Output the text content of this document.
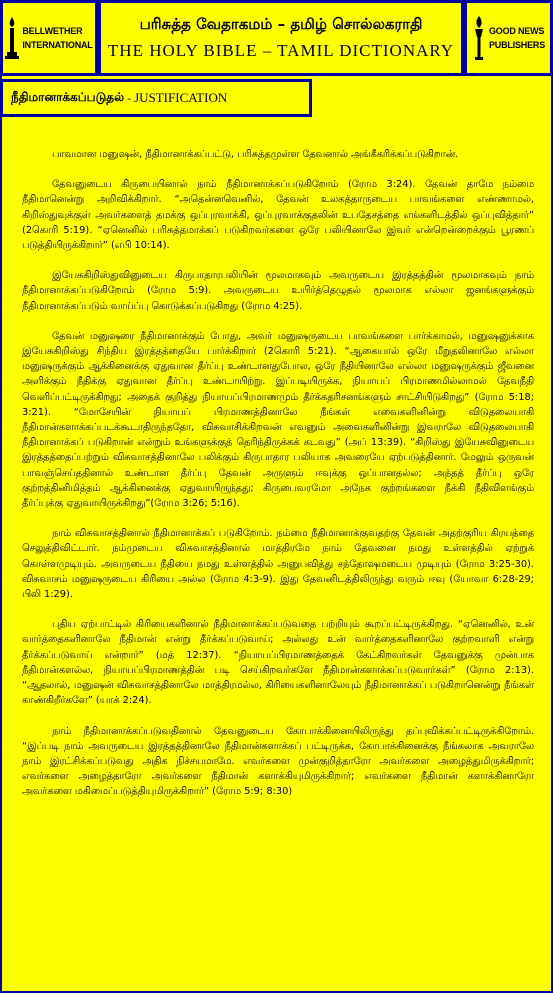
BELLWETHER
INTERNATIONAL
பரிசுத்த வேதாகமம் – தமிழ் சொல்லகராதி
THE HOLY BIBLE – TAMIL DICTIONARY
GOOD NEWS
PUBLISHERS
நீதிமானாக்கப்படுதல் - JUSTIFICATION

பாவமான மனுஷன், நீதிமானாக்கப்பட்டு, பரிசுத்தமுள்ள தேவனால் அங்கீகரிக்கப்படுகிறான்.

தேவனுடைய கிருபையினால் நாம் நீதிமானாக்கப்படுகிறோம் (ரோம 3:24). தேவன் தாமே நம்மை நீதிமானென்று அறிவிக்கிறார். “அதென்னவெனில், தேவன் உலகத்தாருடைய பாவங்களை எண்ணாமல், கிறிஸ்துவுக்குள் அவர்களைத் தமக்கு ஒப்புரவாக்கி, ஒப்புரவாக்குதலின் உபதேசத்தை எங்களிடத்தில் ஒப்புவித்தார்” (2கொரி 5:19). “ஏனெனில் பரிசுத்தமாக்கப் படுகிறவர்களை ஒரே பலியினாலே இவர் என்றென்றைக்கும் பூரணப் படுத்தியிருக்கிறார்” (எபி 10:14).

இயேசுகிறிஸ்துவினுடைய கிருபாதாரபலியின் மூலமாகவும் அவருடைய இரத்தத்தின் மூலமாகவும் நாம் நீதிமானாக்கப்படுகிறோம் (ரோம 5:9). அவருடைய உயிர்த்தெழுதல் மூலமாக எல்லா ஜனங்களுக்கும் நீதிமானாக்கப்படும் வாய்ப்பு கொடுக்கப்படுகிறது (ரோம 4:25).

தேவன் மனுஷரை நீதிமானாக்கும் போது, அவர் மனுஷருடைய பாவங்களை பார்க்காமல், மனுஷனுக்காக இயேசுகிறிஸ்து சிந்திய இரத்தத்தையே பார்க்கிறார் (2கொரி 5:21). “ஆகையால் ஒரே மீறுதலினாலே எல்லா மனுஷருக்கும் ஆக்கினைக்கு ஏதுவான தீர்ப்பு உண்டானதுபோல, ஒரே நீதியினாலே எல்லா மனுஷருக்கும் ஜீவனை அளிக்கும் நீதிக்கு ஏதுவான தீர்ப்பு உண்டாயிற்று. இப்படியிருக்க, நியாயப் பிரமாணமில்லாமல் தேவநீதி வெளிப்பட்டிருக்கிறது; அதைக் குறித்து நியாயப்பிரமாணமும் தீர்க்கதரிசனங்களும் சாட்சியிடுகிறது” (ரோம 5:18; 3:21). “மோசேயின் நியாயப் பிரமாணத்தினாலே நீங்கள் எவைகளினின்று விடுதலையாகி நீதிமான்களாக்கப்படக்கூடாதிருந்ததோ, விசுவாசிக்கிறவன் எவனும் அவைகளினின்று இவராலே விடுதலையாகி நீதிமானாக்கப் படுகிறான் என்றும் உங்களுக்குத் தெரிந்திருக்கக் கடவது” (அப் 13:39). “கிறிஸ்து இயேசுவினுடைய இரத்தத்தைப்பற்றும் விசுவாசத்தினாலே பலிக்கும் கிருபாதார பலியாக அவரையே ஏற்படுத்தினார். மேலும் ஒருவன் பாவஞ்செய்ததினால் உண்டான தீர்ப்பு தேவன் அருளும் ஈவுக்கு ஒப்பானதல்ல; அந்தத் தீர்ப்பு ஒரே குற்றத்தினிமித்தம் ஆக்கினைக்கு ஏதுவாயிருந்தது; கிருபைவரமோ அநேக குற்றங்களை நீக்கி நீதிவிளங்கும் தீர்ப்புக்கு ஏதுவாயிருக்கிறது”(ரோம 3:26; 5:16).

நாம் விசுவாசத்தினால் நீதிமானாக்கப் படுகிறோம். நம்மை நீதிமானாக்குவதற்கு தேவன் அதற்குரிய கிரயத்தை செலுத்திவிட்டார். நம்முடைய விசுவாசத்தினால் மாத்திரமே நாம் தேவனை நமது உள்ளத்தில் ஏற்றுக் கொள்ளமுடியும். அவருடைய நீதியை நமது உள்ளத்தில் அனுபவித்து சந்தோஷமடைய முடியும் (ரோம 3:25-30). விசுவாசம் மனுஷருடைய கிரியை அல்ல (ரோம 4:3-9). இது தேவனிடத்திலிருந்து வரும் ஈவு (யோவா 6:28-29; பிலி 1:29).

புதிய ஏற்பாட்டில் கிரியைகளினால் நீதிமானாக்கப்படுவதை பற்றியும் கூறப்பட்டிருக்கிறது. “ஏனெனில், உன் வார்த்தைகளினாலே நீதிமான் என்று தீர்க்கப்படுவாய்; அல்லது உன் வார்த்தைகளினாலே குற்றவாளி என்று தீர்க்கப்படுவாய் என்றார்” (மத் 12:37). “நியாயப்பிரமாணத்தைக் கேட்கிறவர்கள் தேவனுக்கு முன்பாக நீதிமான்களல்ல, நியாயப்பிரமாணத்தின் படி செய்கிறவர்களே நீதிமான்களாக்கப்படுவார்கள்” (ரோம 2:13). “ஆதலால், மனுஷன் விசுவாசத்தினாலே மாத்திரமல்ல, கிரியைகளினாலேயும் நீதிமானாக்கப் படுகிறானென்று நீங்கள் காண்கிறீர்களே” (யாக் 2:24).

நாம் நீதிமானாக்கப்படுவதினால் தேவனுடைய கோபாக்கினையிலிருந்து தப்புவிக்கப்பட்டிருக்கிறோம். “இப்படி நாம் அவருடைய இரத்தத்தினாலே நீதிமான்களாக்கப் பட்டிருக்க, கோபாக்கினைக்கு நீங்கலாக அவராலே நாம் இரட்சிக்கப்படுவது அதிக நிச்சயமாமே. எவர்களை முன்குறித்தாரோ அவர்களை அழைத்துமிருக்கிறார்; எவர்களை அழைத்தாரோ அவர்களை நீதிமான் களாக்கியுமிருக்கிறார்; எவர்களை நீதிமான் களாக்கினாரோ அவர்களை மகிமைப்படுத்தியுமிருக்கிறார்” (ரோம 5:9; 8:30)
